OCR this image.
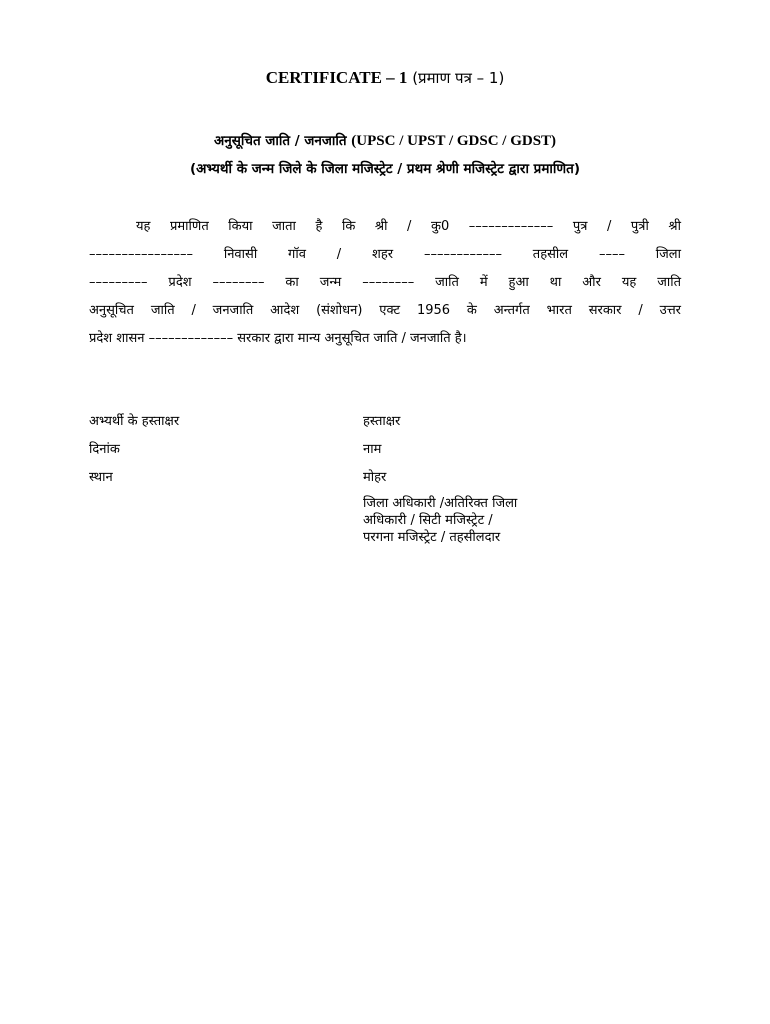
CERTIFICATE – 1 (प्रमाण पत्र – 1)
अनुसूचित जाति / जनजाति (UPSC / UPST / GDSC / GDST)
(अभ्यर्थी के जन्म जिले के जिला मजिस्ट्रेट / प्रथम श्रेणी मजिस्ट्रेट द्वारा प्रमाणित)
यह प्रमाणित किया जाता है कि श्री / कु0 ––––––––––––– पुत्र / पुत्री श्री
–––––––––––––––– निवासी गॉव / शहर –––––––––––– तहसील –––– जिला
––––––––– प्रदेश –––––––– का जन्म –––––––– जाति में हुआ था और यह जाति
अनुसूचित जाति / जनजाति आदेश (संशोधन) एक्ट 1956 के अन्तर्गत भारत सरकार / उत्तर
प्रदेश शासन ––––––––––––– सरकार द्वारा मान्य अनुसूचित जाति / जनजाति है।
अभ्यर्थी के हस्ताक्षर
दिनांक
स्थान
हस्ताक्षर
नाम
मोहर
जिला अधिकारी /अतिरिक्त जिला
अधिकारी / सिटी मजिस्ट्रेट /
परगना मजिस्ट्रेट / तहसीलदार
